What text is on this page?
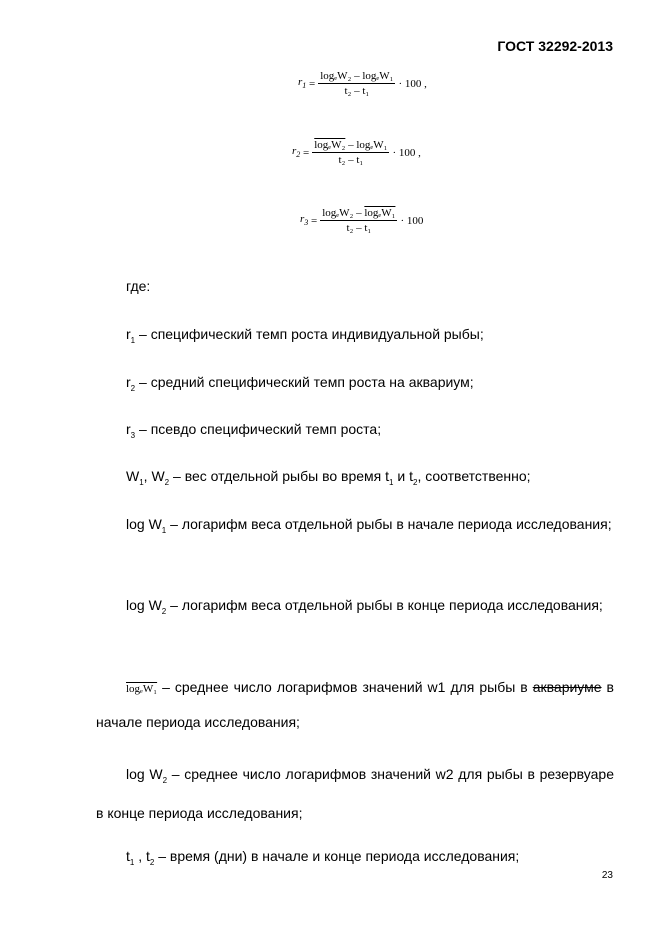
ГОСТ 32292-2013
$r_1 = \frac{\text{logₑW₂ – logₑW₁}}{\text{t₂ – t₁}} \cdot 100$ ,
$r_2 = \frac{\text{logₑW₂ – logₑW₁}}{\text{t₂ – t₁}} \cdot 100$ ,
$r_3 = \frac{\text{logₑW₂ – logₑW₁}}{\text{t₂ – t₁}} \cdot 100$
где:
$r_1$ – специфический темп роста индивидуальной рыбы;
$r_2$ – средний специфический темп роста на аквариум;
$r_3$ – псевдо специфический темп роста;
$W_1$, $W_2$ – вес отдельной рыбы во время $t_1$ и $t_2$, соответственно;
$\log W_1$ – логарифм веса отдельной рыбы в начале периода исследования;
$\log W_2$ – логарифм веса отдельной рыбы в конце периода исследования;
logₑW₁ – среднее число логарифмов значений w1 для рыбы в аквариуме в начале периода исследования;
$\log W_2$ – среднее число логарифмов значений w2 для рыбы в резервуаре в конце периода исследования;
$t_1$ , $t_2$ – время (дни) в начале и конце периода исследования;
23
